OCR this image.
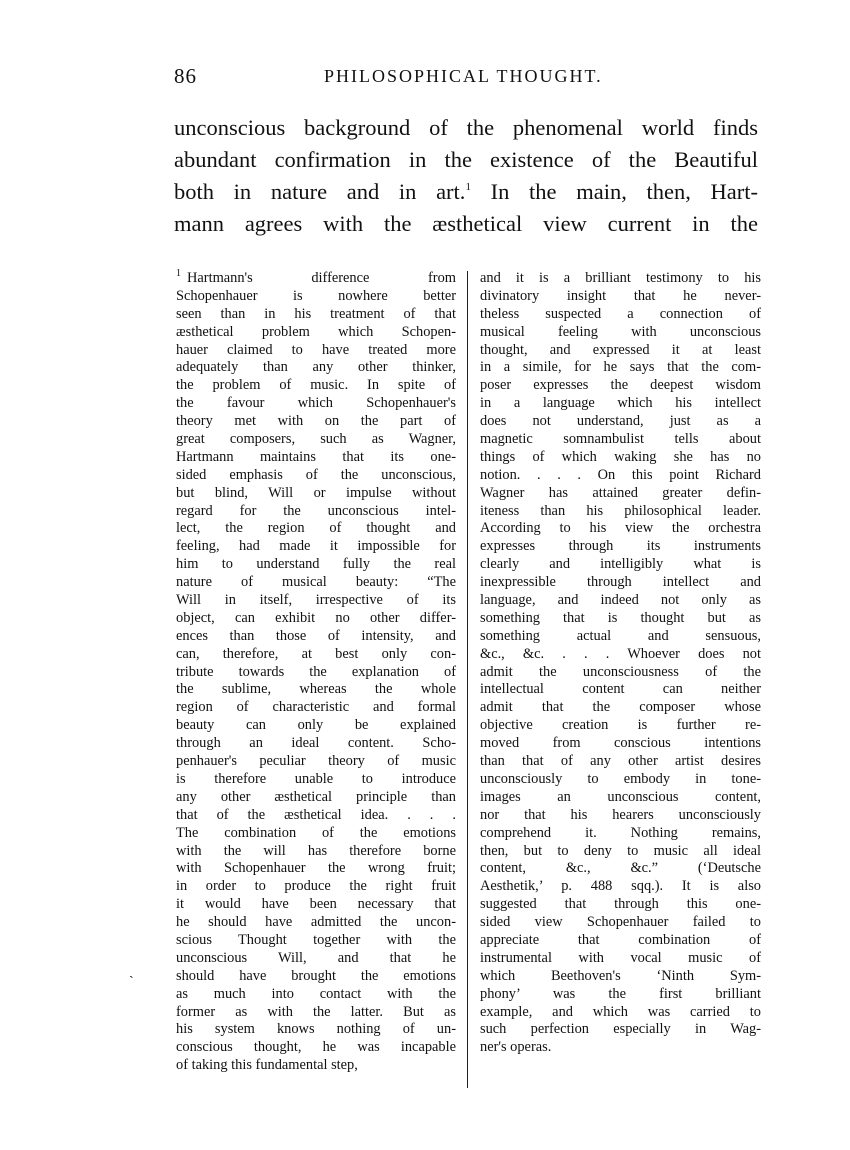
86	PHILOSOPHICAL THOUGHT.
unconscious background of the phenomenal world finds
abundant confirmation in the existence of the Beautiful
both in nature and in art.$^1$ In the main, then, Hart-
mann agrees with the æsthetical view current in the
$^1$ Hartmann's difference from
Schopenhauer is nowhere better
seen than in his treatment of that
æsthetical problem which Schopen-
hauer claimed to have treated more
adequately than any other thinker,
the problem of music. In spite of
the favour which Schopenhauer's
theory met with on the part of
great composers, such as Wagner,
Hartmann maintains that its one-
sided emphasis of the unconscious,
but blind, Will or impulse without
regard for the unconscious intel-
lect, the region of thought and
feeling, had made it impossible for
him to understand fully the real
nature of musical beauty: “The
Will in itself, irrespective of its
object, can exhibit no other differ-
ences than those of intensity, and
can, therefore, at best only con-
tribute towards the explanation of
the sublime, whereas the whole
region of characteristic and formal
beauty can only be explained
through an ideal content. Scho-
penhauer's peculiar theory of music
is therefore unable to introduce
any other æsthetical principle than
that of the æsthetical idea. . . .
The combination of the emotions
with the will has therefore borne
with Schopenhauer the wrong fruit;
in order to produce the right fruit
it would have been necessary that
he should have admitted the uncon-
scious Thought together with the
unconscious Will, and that he
should have brought the emotions
as much into contact with the
former as with the latter. But as
his system knows nothing of un-
conscious thought, he was incapable
of taking this fundamental step,
and it is a brilliant testimony to his
divinatory insight that he never-
theless suspected a connection of
musical feeling with unconscious
thought, and expressed it at least
in a simile, for he says that the com-
poser expresses the deepest wisdom
in a language which his intellect
does not understand, just as a
magnetic somnambulist tells about
things of which waking she has no
notion. . . . On this point Richard
Wagner has attained greater defin-
iteness than his philosophical leader.
According to his view the orchestra
expresses through its instruments
clearly and intelligibly what is
inexpressible through intellect and
language, and indeed not only as
something that is thought but as
something actual and sensuous,
&c., &c. . . . Whoever does not
admit the unconsciousness of the
intellectual content can neither
admit that the composer whose
objective creation is further re-
moved from conscious intentions
than that of any other artist desires
unconsciously to embody in tone-
images an unconscious content,
nor that his hearers unconsciously
comprehend it. Nothing remains,
then, but to deny to music all ideal
content, &c., &c.” (‘Deutsche
Aesthetik,’ p. 488 sqq.). It is also
suggested that through this one-
sided view Schopenhauer failed to
appreciate that combination of
instrumental with vocal music of
which Beethoven's ‘Ninth Sym-
phony’ was the first brilliant
example, and which was carried to
such perfection especially in Wag-
ner's operas.
ˎ
